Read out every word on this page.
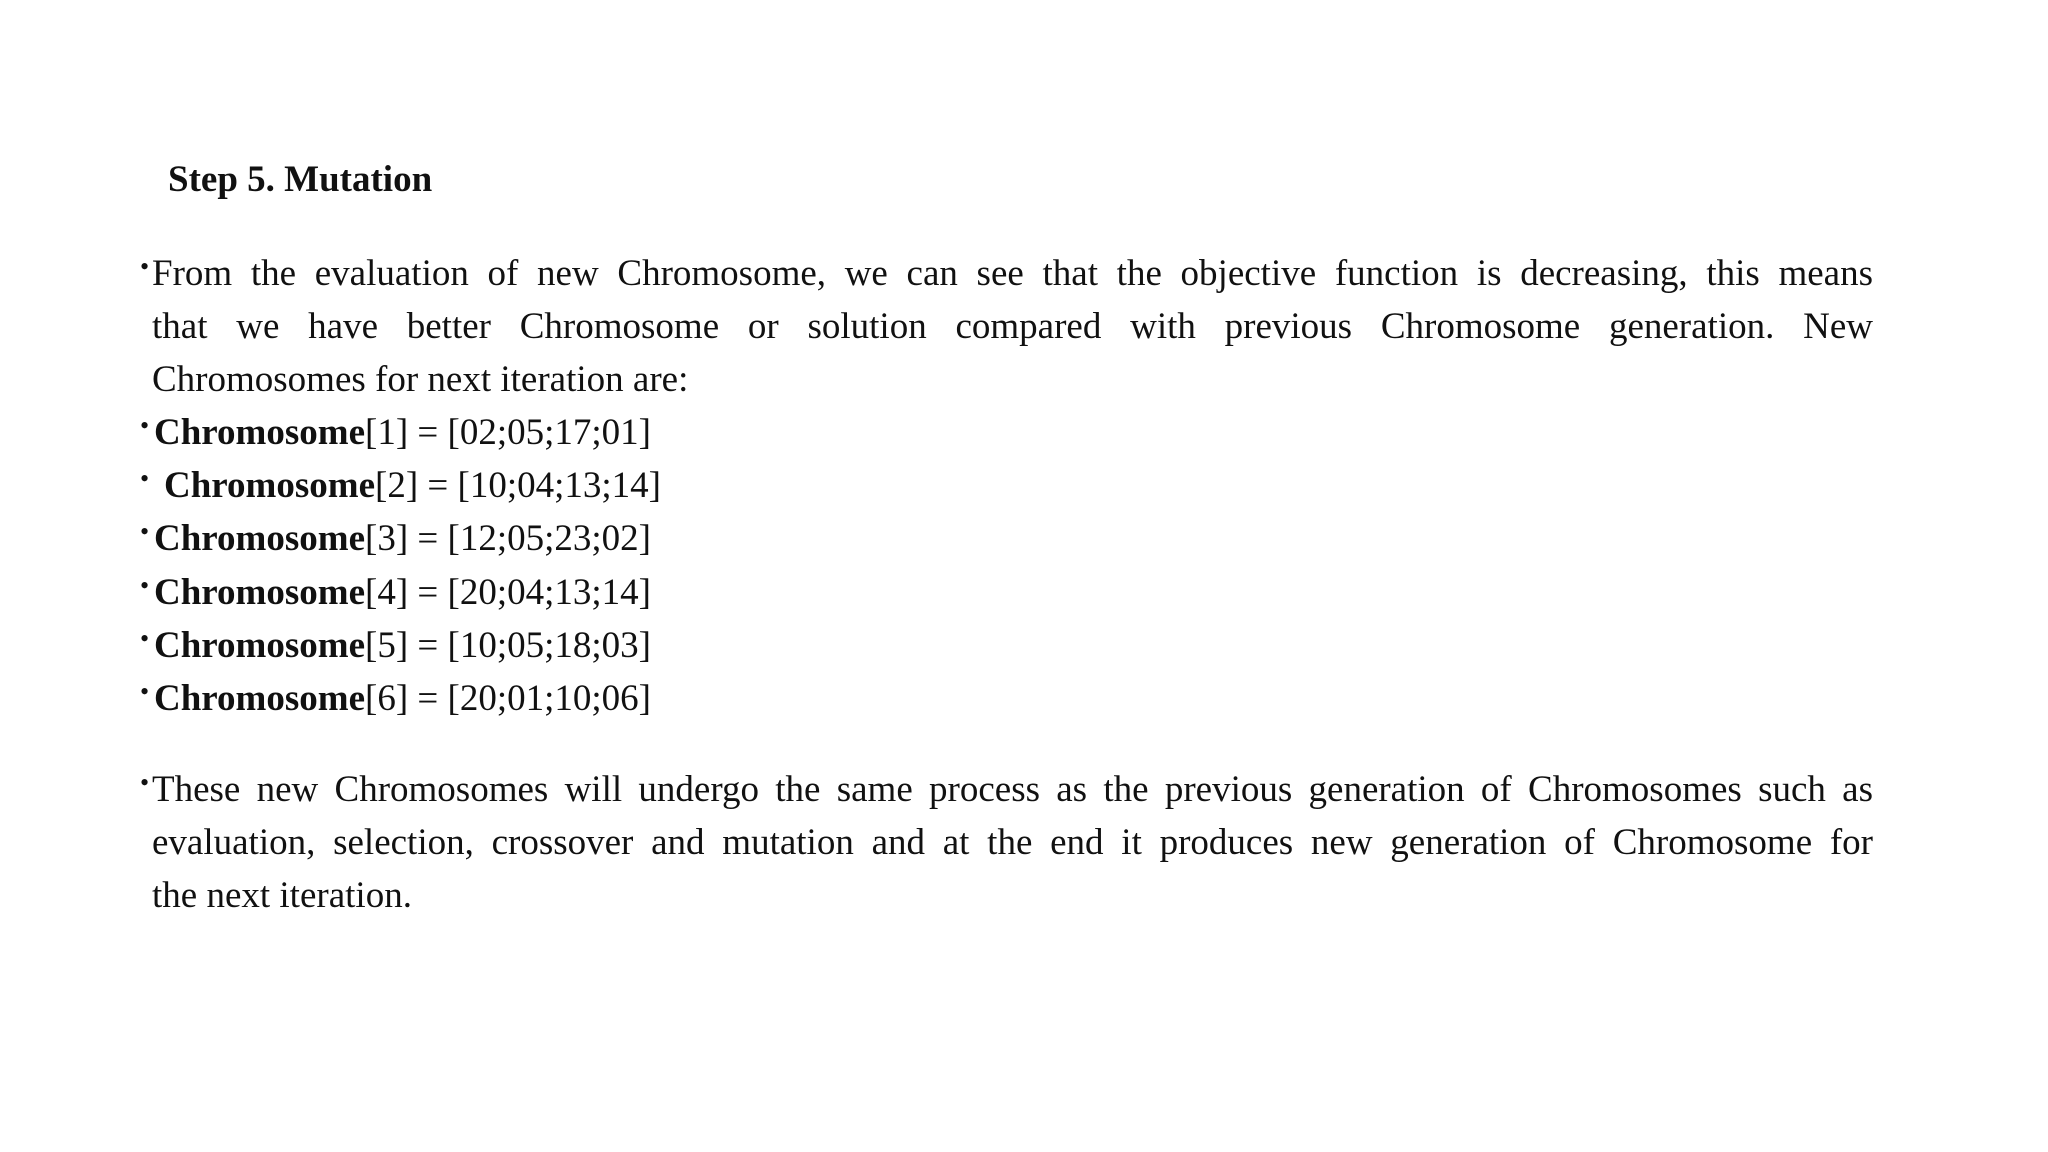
Step 5. Mutation
• From the evaluation of new Chromosome, we can see that the objective function is decreasing, this means
that we have better Chromosome or solution compared with previous Chromosome generation. New
Chromosomes for next iteration are:
• Chromosome[1] = [02;05;17;01]
• Chromosome[2] = [10;04;13;14]
• Chromosome[3] = [12;05;23;02]
• Chromosome[4] = [20;04;13;14]
• Chromosome[5] = [10;05;18;03]
• Chromosome[6] = [20;01;10;06]
• These new Chromosomes will undergo the same process as the previous generation of Chromosomes such as
evaluation, selection, crossover and mutation and at the end it produces new generation of Chromosome for
the next iteration.
